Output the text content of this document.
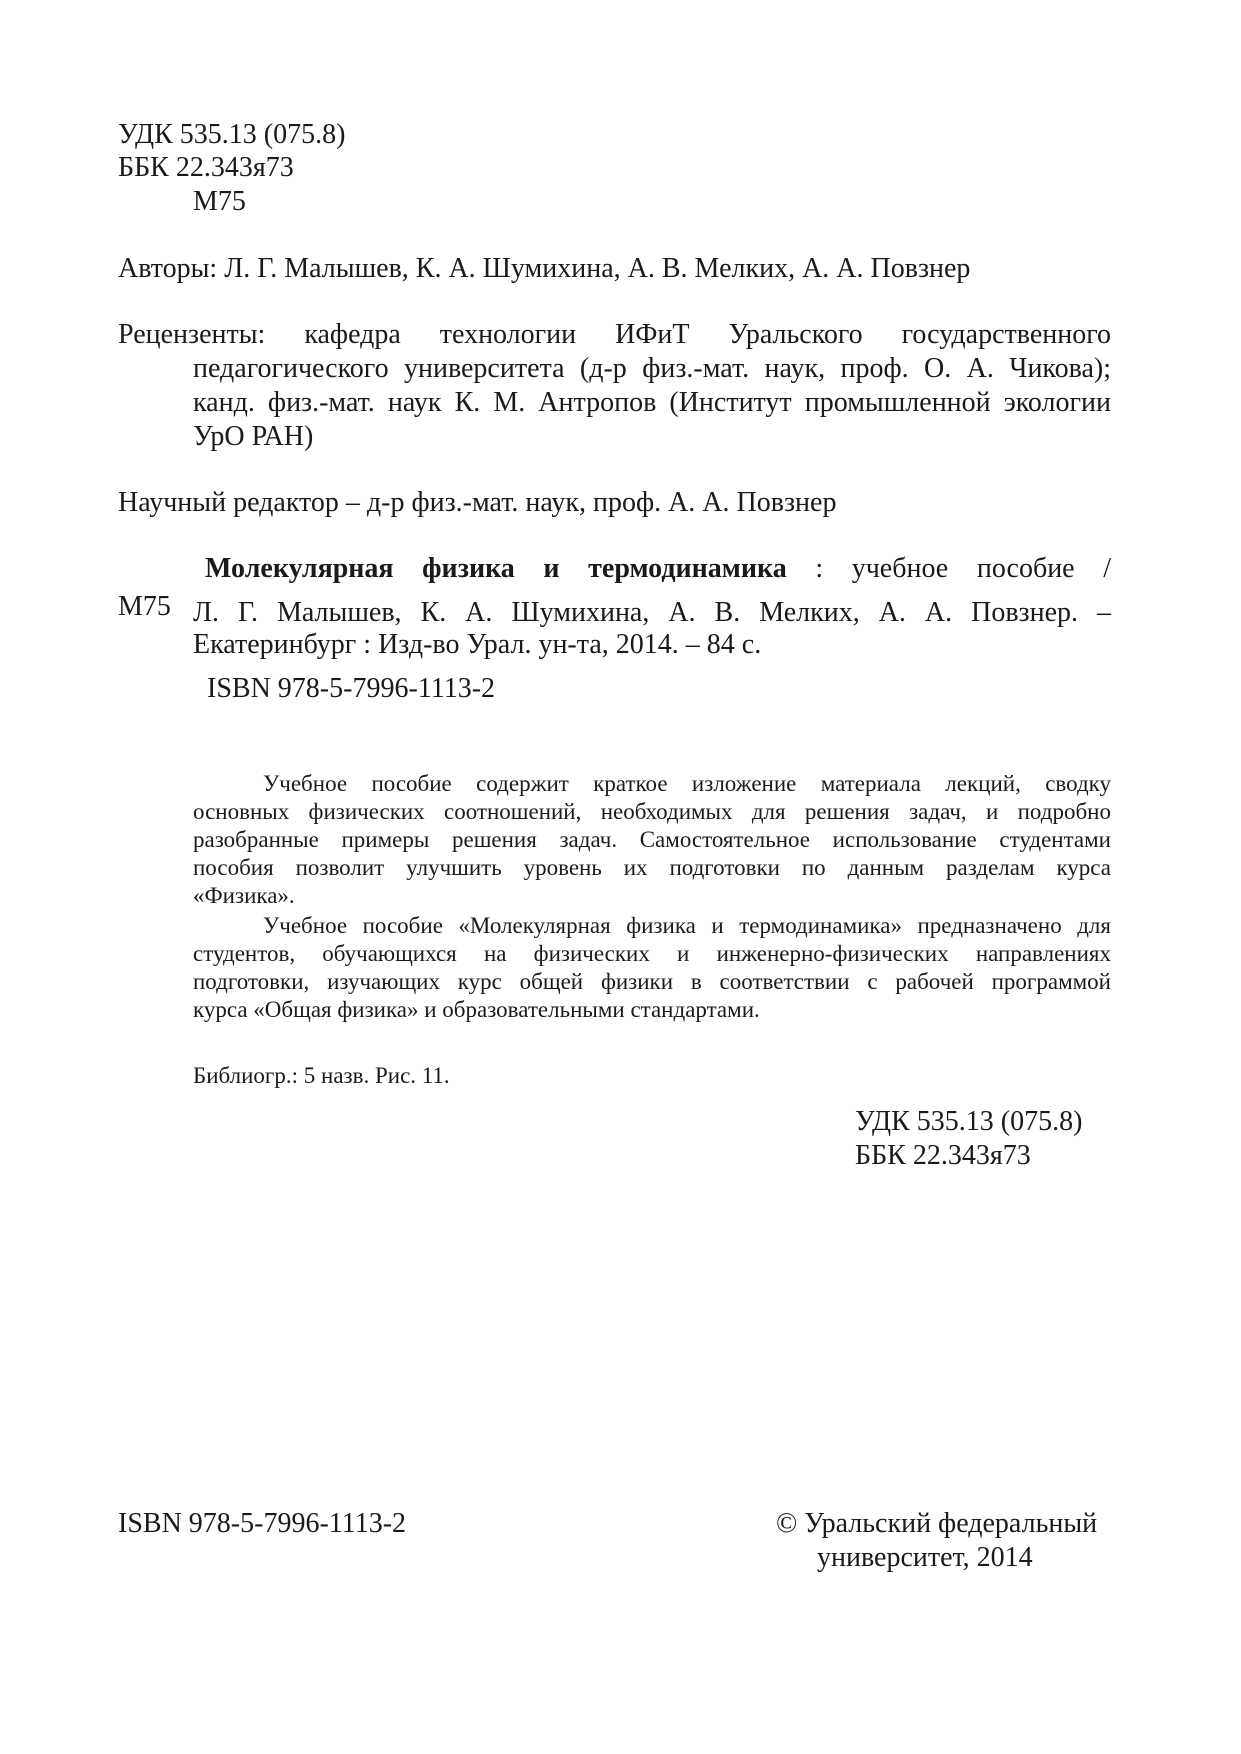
УДК 535.13 (075.8)
ББК 22.343я73
М75
Авторы: Л. Г. Малышев, К. А. Шумихина, А. В. Мелких, А. А. Повзнер
Рецензенты: кафедра технологии ИФиТ Уральского государственного
педагогического университета (д-р физ.-мат. наук, проф. О. А. Чикова);
канд. физ.-мат. наук К. М. Антропов (Институт промышленной экологии
УрО РАН)
Научный редактор – д-р физ.-мат. наук, проф. А. А. Повзнер
Молекулярная физика и термодинамика : учебное пособие /
М75 Л. Г. Малышев, К. А. Шумихина, А. В. Мелких, А. А. Повзнер. –
Екатеринбург : Изд-во Урал. ун-та, 2014. – 84 с.
ISBN 978-5-7996-1113-2
Учебное пособие содержит краткое изложение материала лекций, сводку
основных физических соотношений, необходимых для решения задач, и подробно
разобранные примеры решения задач. Самостоятельное использование студентами
пособия позволит улучшить уровень их подготовки по данным разделам курса
«Физика».
Учебное пособие «Молекулярная физика и термодинамика» предназначено для
студентов, обучающихся на физических и инженерно-физических направлениях
подготовки, изучающих курс общей физики в соответствии с рабочей программой
курса «Общая физика» и образовательными стандартами.
Библиогр.: 5 назв. Рис. 11.
УДК 535.13 (075.8)
ББК 22.343я73
ISBN 978-5-7996-1113-2	© Уральский федеральный
университет, 2014
